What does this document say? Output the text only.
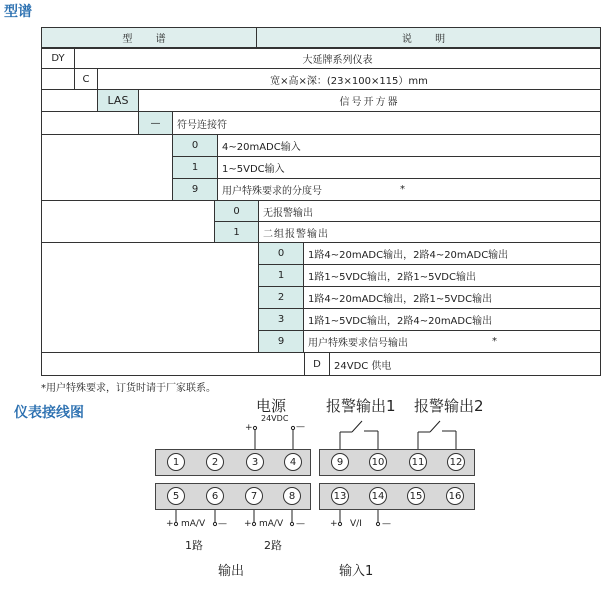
型谱
型 谱	说 明
DY	大延牌系列仪表
C	宽×高×深：(23×100×115）mm
LAS	信号开方器
—	符号连接符
0	4~20mADC输入
1	1~5VDC输入
9	用户特殊要求的分度号	*
0	无报警输出
1	二组报警输出
0	1路4~20mADC输出，2路4~20mADC输出
1	1路1~5VDC输出，2路1~5VDC输出
2	1路4~20mADC输出，2路1~5VDC输出
3	1路1~5VDC输出，2路4~20mADC输出
9	用户特殊要求信号输出	*
D	24VDC 供电
*用户特殊要求，订货时请于厂家联系。
仪表接线图	电源
24VDC
+	—
报警输出1 报警输出2
1	2	3	4	9	10	11	12
5	6	7	8	13	14	15	16
+ mA/V — + mA/V —	+ V/I —
1路	2路
输出	输入1
